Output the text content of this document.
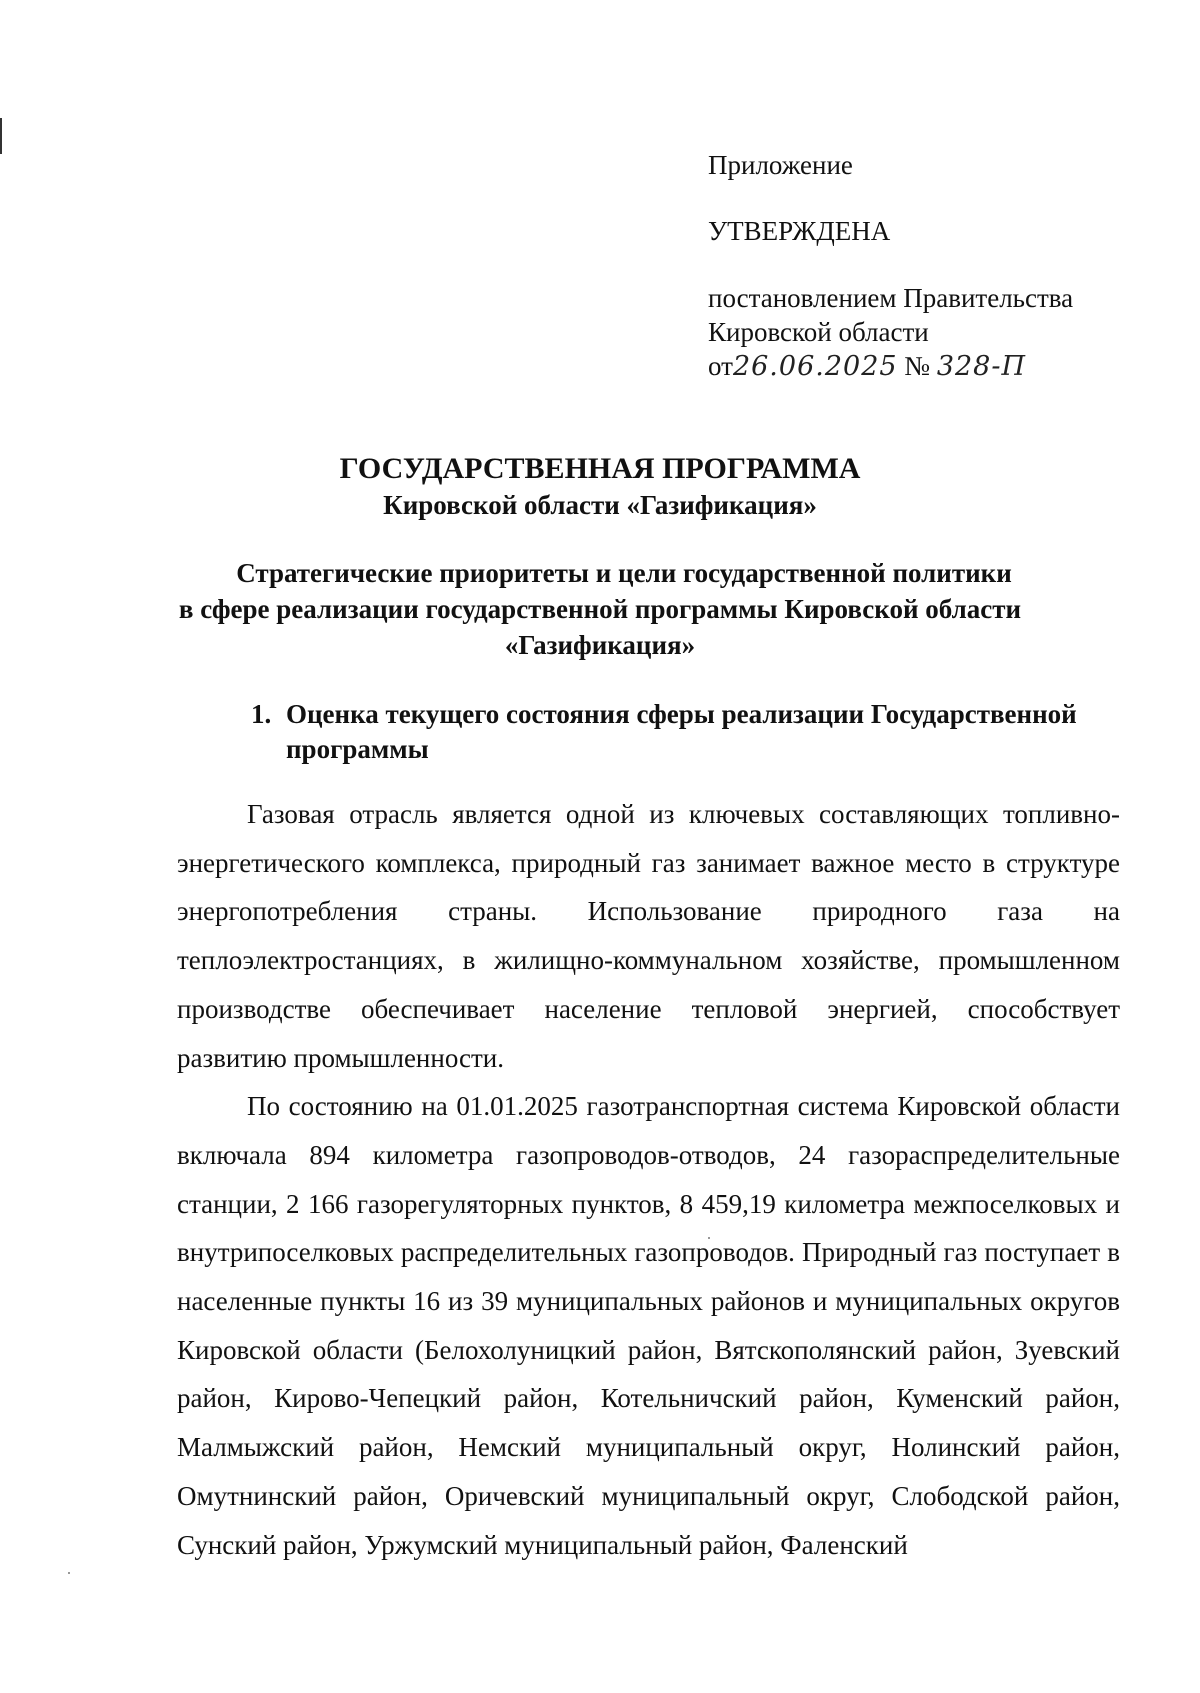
Приложение
УТВЕРЖДЕНА
постановлением Правительства
Кировской области
от26.06.2025 № 328-П
ГОСУДАРСТВЕННАЯ ПРОГРАММА
Кировской области «Газификация»
Стратегические приоритеты и цели государственной политики
в сфере реализации государственной программы Кировской области
«Газификация»
1. Оценка текущего состояния сферы реализации Государственной программы

Газовая отрасль является одной из ключевых составляющих топливно-энергетического комплекса, природный газ занимает важное место в структуре энергопотребления страны. Использование природного газа на теплоэлектростанциях, в жилищно-коммунальном хозяйстве, промышленном производстве обеспечивает население тепловой энергией, способствует развитию промышленности.

По состоянию на 01.01.2025 газотранспортная система Кировской области включала 894 километра газопроводов-отводов, 24 газораспределительные станции, 2 166 газорегуляторных пунктов, 8 459,19 километра межпоселковых и внутрипоселковых распределительных газопроводов. Природный газ поступает в населенные пункты 16 из 39 муниципальных районов и муниципальных округов Кировской области (Белохолуницкий район, Вятскополянский район, Зуевский район, Кирово-Чепецкий район, Котельничский район, Куменский район, Малмыжский район, Немский муниципальный округ, Нолинский район, Омутнинский район, Оричевский муниципальный округ, Слободской район, Сунский район, Уржумский муниципальный район, Фаленский
